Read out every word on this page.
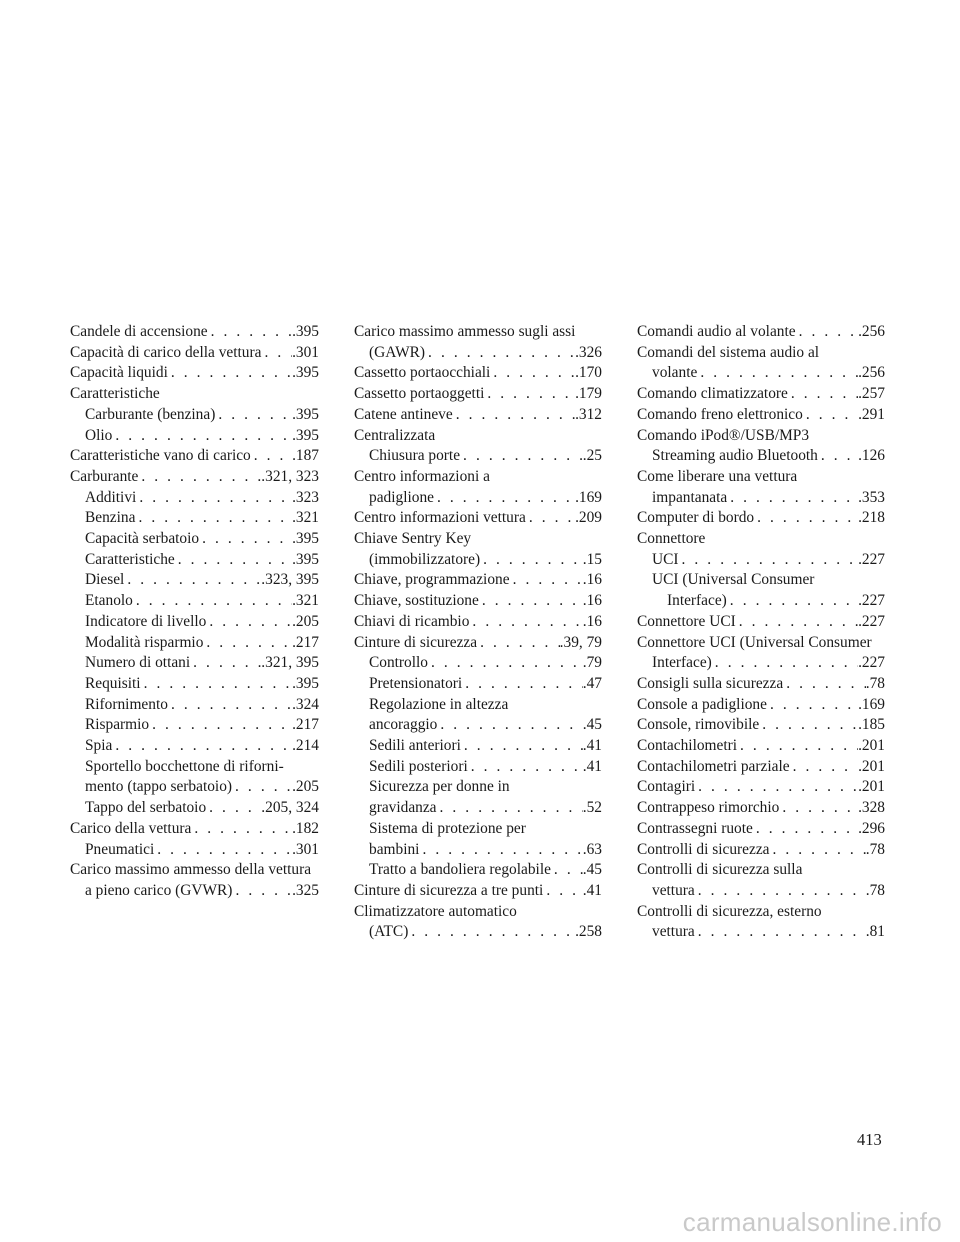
Candele di accensione . . .	.395
Capacità di carico della vettura . . . .301
Capacità liquidi . . .	.395
Caratteristiche
Carburante (benzina) . . .	.395
Olio . . .	.395
Caratteristiche vano di carico . . .	.187
Carburante . . .	.321, 323
Additivi . . .	.323
Benzina . . .	.321
Capacità serbatoio . . .	.395
Caratteristiche . . .	.395
Diesel . . .	.323, 395
Etanolo . . .	.321
Indicatore di livello . . .	.205
Modalità risparmio . . .	.217
Numero di ottani . . .	.321, 395
Requisiti . . .	.395
Rifornimento . . .	.324
Risparmio . . .	.217
Spia . . .	.214
Sportello bocchettone di riforni-
mento (tappo serbatoio) . . .	.205
Tappo del serbatoio . . .	.205, 324
Carico della vettura . . .	.182
Pneumatici . . .	.301
Carico massimo ammesso della vettura
a pieno carico (GVWR) . . .	.325
Carico massimo ammesso sugli assi
(GAWR) . . .	.326
Cassetto portaocchiali . . .	.170
Cassetto portaoggetti . . .	.179
Catene antineve . . .	.312
Centralizzata
Chiusura porte . . .	.25
Centro informazioni a
padiglione . . .	.169
Centro informazioni vettura . . .	.209
Chiave Sentry Key
(immobilizzatore) . . .	.15
Chiave, programmazione . . .	.16
Chiave, sostituzione . . .	.16
Chiavi di ricambio . . .	.16
Cinture di sicurezza . . .	.39, 79
Controllo . . .	.79
Pretensionatori . . .	.47
Regolazione in altezza
ancoraggio . . .	.45
Sedili anteriori . . .	.41
Sedili posteriori . . .	.41
Sicurezza per donne in
gravidanza . . .	.52
Sistema di protezione per
bambini . . .	.63
Tratto a bandoliera regolabile . . . .45
Cinture di sicurezza a tre punti . . .	.41
Climatizzatore automatico
(ATC) . . .	.258
Comandi audio al volante . . .	.256
Comandi del sistema audio al
volante . . .	.256
Comando climatizzatore . . .	.257
Comando freno elettronico . . .	.291
Comando iPod®/USB/MP3
Streaming audio Bluetooth . . .	.126
Come liberare una vettura
impantanata . . .	.353
Computer di bordo . . .	.218
Connettore
UCI . . .	.227
UCI (Universal Consumer
Interface) . . .	.227
Connettore UCI . . .	.227
Connettore UCI (Universal Consumer
Interface) . . .	.227
Consigli sulla sicurezza . . .	.78
Console a padiglione . . .	.169
Console, rimovibile . . .	.185
Contachilometri . . .	.201
Contachilometri parziale . . .	.201
Contagiri . . .	.201
Contrappeso rimorchio . . .	.328
Contrassegni ruote . . .	.296
Controlli di sicurezza . . .	.78
Controlli di sicurezza sulla
vettura . . .	.78
Controlli di sicurezza, esterno
vettura . . .	.81
413
carmanualsonline.info
